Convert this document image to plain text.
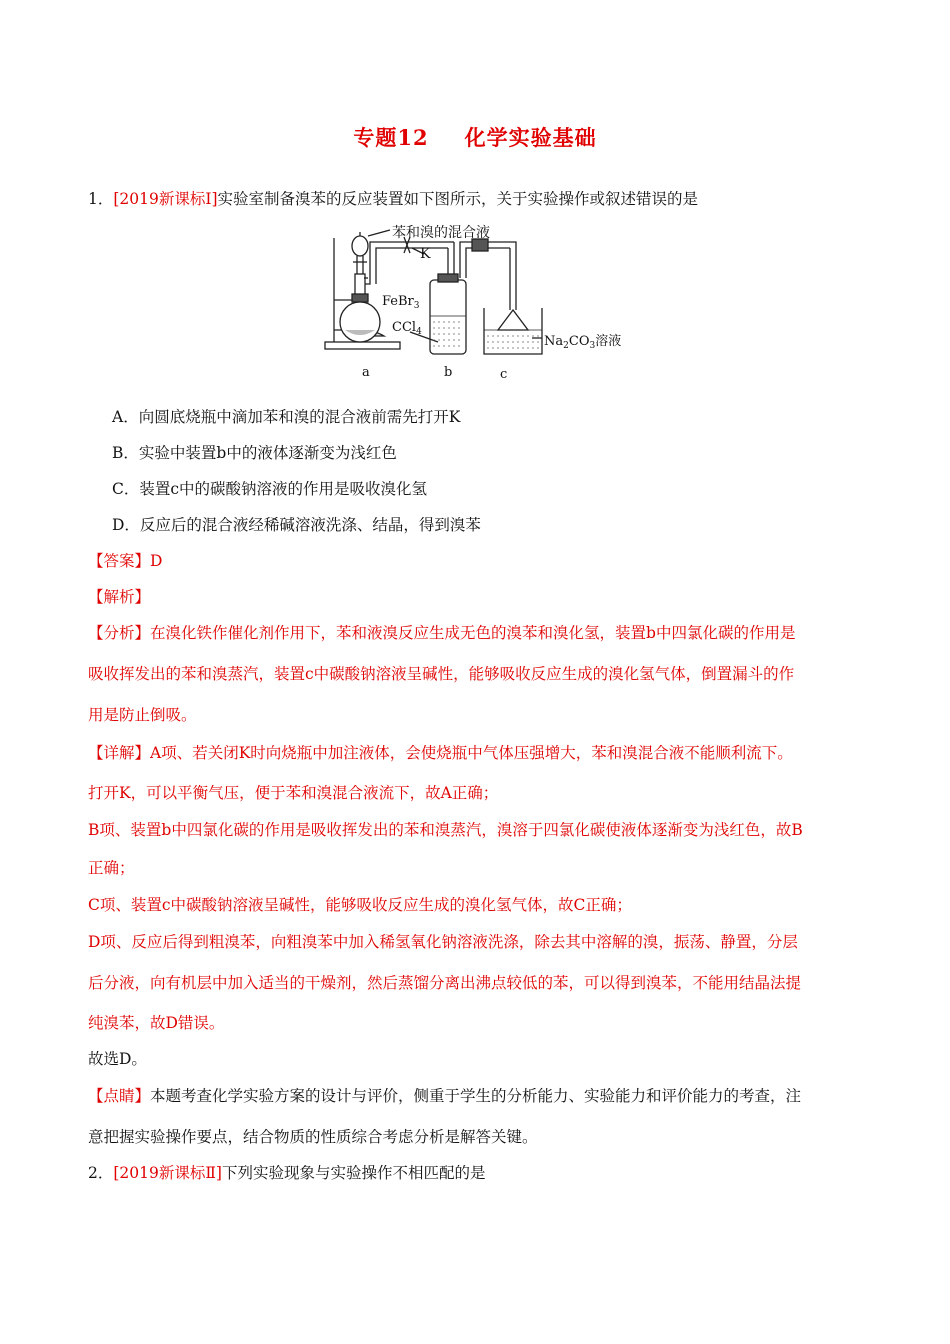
专题12 化学实验基础
1．[2019新课标Ⅰ]实验室制备溴苯的反应装置如下图所示，关于实验操作或叙述错误的是
苯和溴的混合液
K
FeBr$_3$
CCl$_4$
$Na_2CO_3$溶液
a	b	c
A．向圆底烧瓶中滴加苯和溴的混合液前需先打开K
B．实验中装置b中的液体逐渐变为浅红色
C．装置c中的碳酸钠溶液的作用是吸收溴化氢
D．反应后的混合液经稀碱溶液洗涤、结晶，得到溴苯
【答案】D
【解析】
【分析】在溴化铁作催化剂作用下，苯和液溴反应生成无色的溴苯和溴化氢，装置b中四氯化碳的作用是
吸收挥发出的苯和溴蒸汽，装置c中碳酸钠溶液呈碱性，能够吸收反应生成的溴化氢气体，倒置漏斗的作
用是防止倒吸。
【详解】A项、若关闭K时向烧瓶中加注液体，会使烧瓶中气体压强增大，苯和溴混合液不能顺利流下。
打开K，可以平衡气压，便于苯和溴混合液流下，故A正确；
B项、装置b中四氯化碳的作用是吸收挥发出的苯和溴蒸汽，溴溶于四氯化碳使液体逐渐变为浅红色，故B
正确；
C项、装置c中碳酸钠溶液呈碱性，能够吸收反应生成的溴化氢气体，故C正确；
D项、反应后得到粗溴苯，向粗溴苯中加入稀氢氧化钠溶液洗涤，除去其中溶解的溴，振荡、静置，分层
后分液，向有机层中加入适当的干燥剂，然后蒸馏分离出沸点较低的苯，可以得到溴苯，不能用结晶法提
纯溴苯，故D错误。
故选D。
【点睛】本题考查化学实验方案的设计与评价，侧重于学生的分析能力、实验能力和评价能力的考查，注
意把握实验操作要点，结合物质的性质综合考虑分析是解答关键。
2．[2019新课标Ⅱ]下列实验现象与实验操作不相匹配的是
